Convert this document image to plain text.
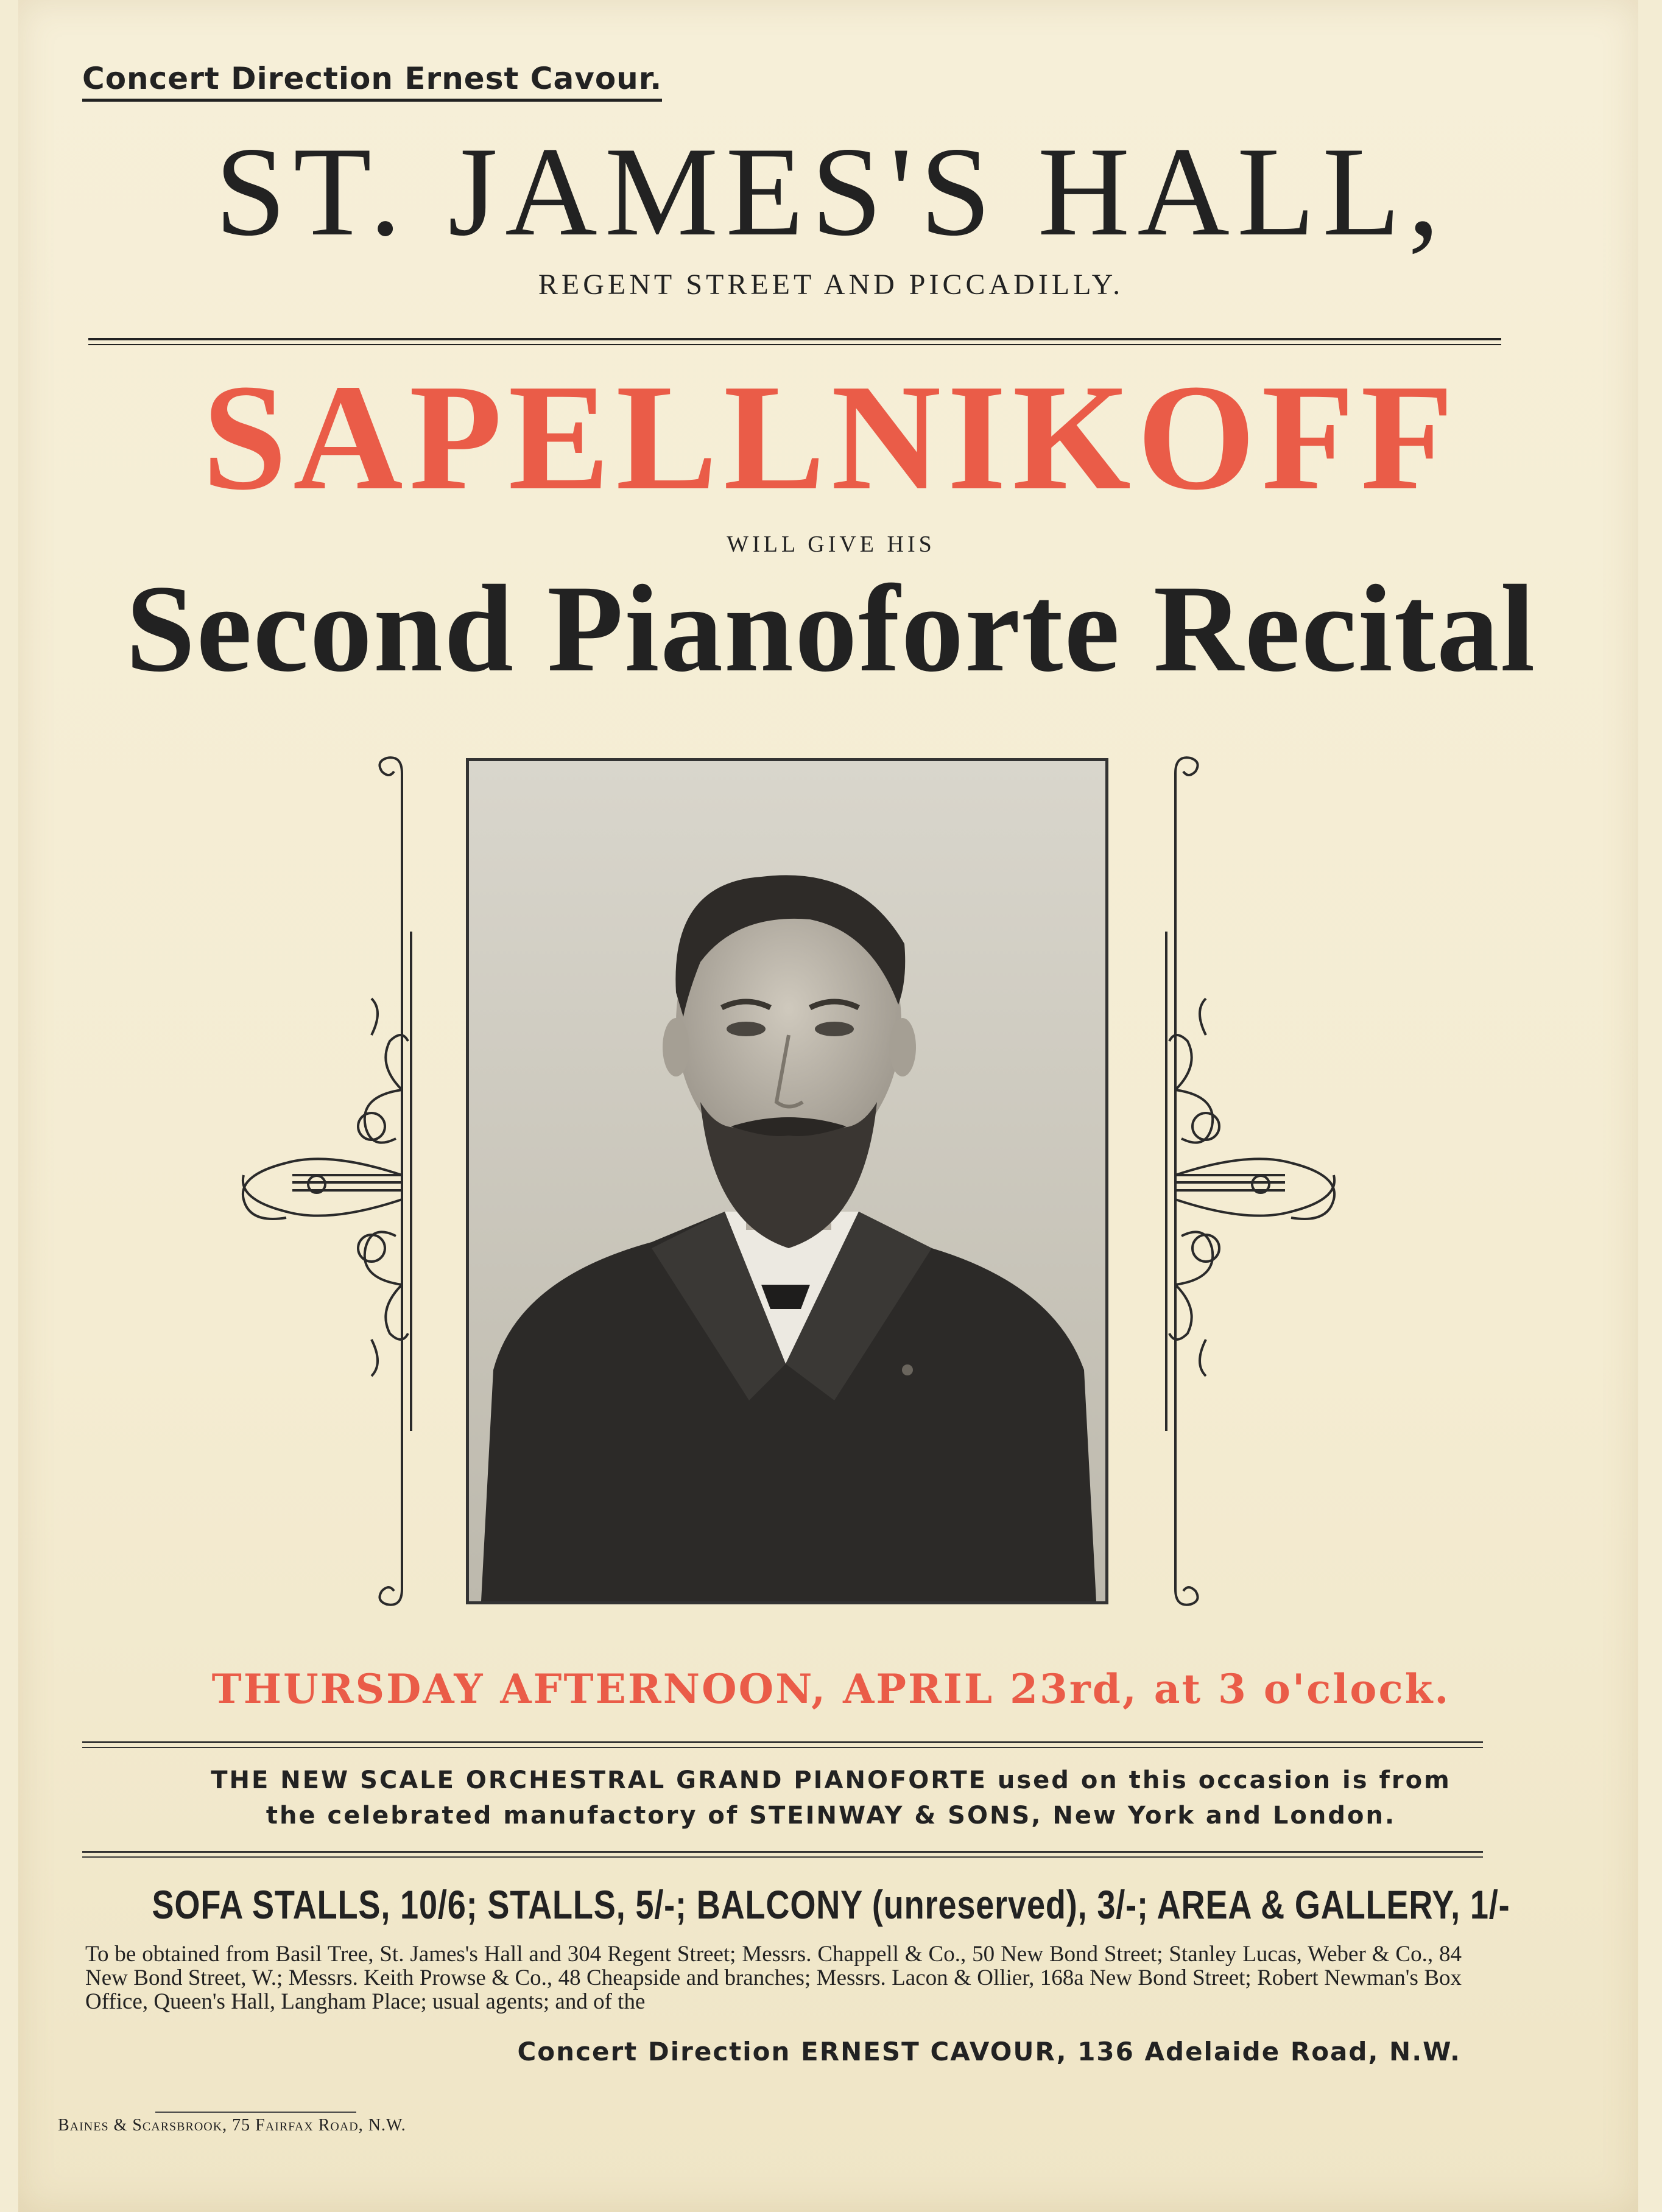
Concert Direction Ernest Cavour.

ST. JAMES'S HALL,

REGENT STREET AND PICCADILLY.

SAPELLNIKOFF

WILL GIVE HIS

Second Pianoforte Recital

THURSDAY AFTERNOON, APRIL 23rd, at 3 o'clock.

THE NEW SCALE ORCHESTRAL GRAND PIANOFORTE used on this occasion is from
the celebrated manufactory of STEINWAY & SONS, New York and London.

SOFA STALLS, 10/6; STALLS, 5/-; BALCONY (unreserved), 3/-; AREA & GALLERY, 1/-

To be obtained from Basil Tree, St. James's Hall and 304 Regent Street; Messrs. Chappell & Co., 50 New Bond Street; Stanley Lucas, Weber & Co., 84 New Bond Street, W.; Messrs. Keith Prowse & Co., 48 Cheapside and branches; Messrs. Lacon & Ollier, 168a New Bond Street; Robert Newman's Box Office, Queen's Hall, Langham Place; usual agents; and of the

Concert Direction ERNEST CAVOUR, 136 Adelaide Road, N.W.

Baines & Scarsbrook, 75 Fairfax Road, N.W.
